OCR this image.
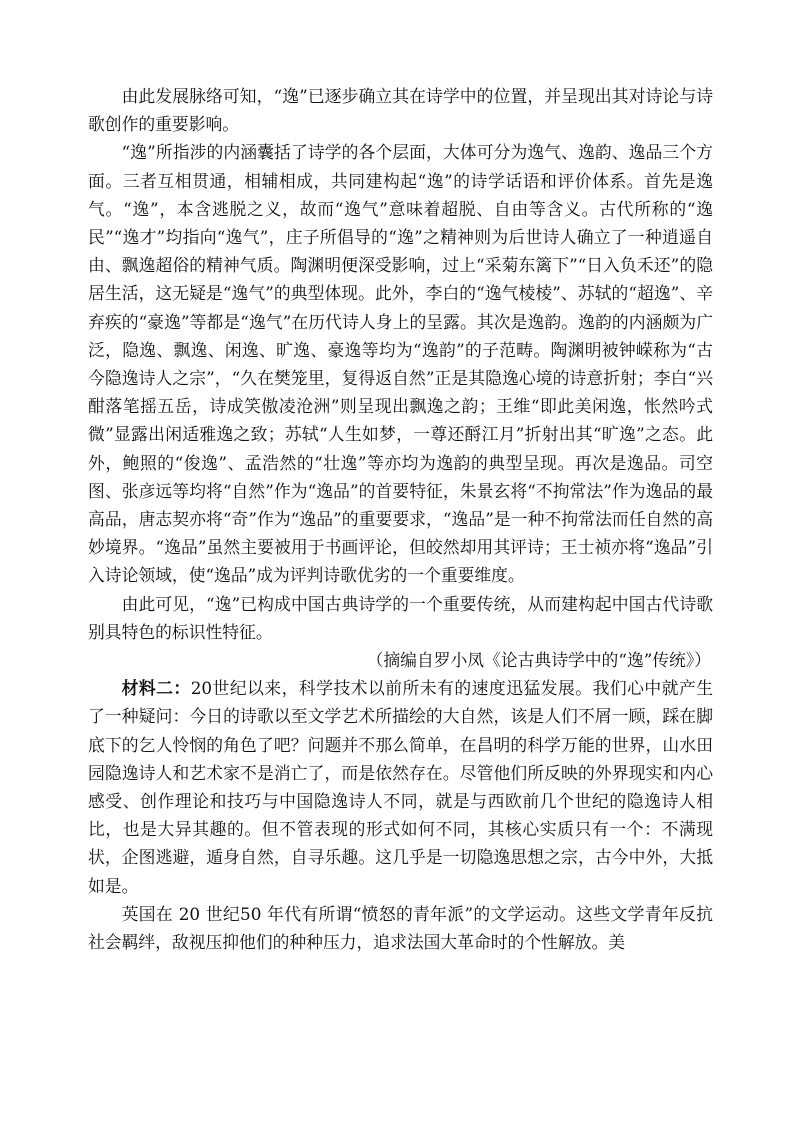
由此发展脉络可知，“逸”已逐步确立其在诗学中的位置，并呈现出其对诗论与诗歌创作的重要影响。

“逸”所指涉的内涵囊括了诗学的各个层面，大体可分为逸气、逸韵、逸品三个方面。三者互相贯通，相辅相成，共同建构起“逸”的诗学话语和评价体系。首先是逸气。“逸”，本含逃脱之义，故而“逸气”意味着超脱、自由等含义。古代所称的“逸民”“逸才”均指向“逸气”，庄子所倡导的“逸”之精神则为后世诗人确立了一种逍遥自由、飘逸超俗的精神气质。陶渊明便深受影响，过上“采菊东篱下”“日入负禾还”的隐居生活，这无疑是“逸气”的典型体现。此外，李白的“逸气棱棱”、苏轼的“超逸”、辛弃疾的“豪逸”等都是“逸气”在历代诗人身上的呈露。其次是逸韵。逸韵的内涵颇为广泛，隐逸、飘逸、闲逸、旷逸、豪逸等均为“逸韵”的子范畴。陶渊明被钟嵘称为“古今隐逸诗人之宗”，“久在樊笼里，复得返自然”正是其隐逸心境的诗意折射；李白“兴酣落笔摇五岳，诗成笑傲凌沧洲”则呈现出飘逸之韵；王维“即此美闲逸，怅然吟式微”显露出闲适雅逸之致；苏轼“人生如梦，一尊还酹江月”折射出其“旷逸”之态。此外，鲍照的“俊逸”、孟浩然的“壮逸”等亦均为逸韵的典型呈现。再次是逸品。司空图、张彦远等均将“自然”作为“逸品”的首要特征，朱景玄将“不拘常法”作为逸品的最高品，唐志契亦将“奇”作为“逸品”的重要要求，“逸品”是一种不拘常法而任自然的高妙境界。“逸品”虽然主要被用于书画评论，但皎然却用其评诗；王士祯亦将“逸品”引入诗论领域，使“逸品”成为评判诗歌优劣的一个重要维度。

由此可见，“逸”已构成中国古典诗学的一个重要传统，从而建构起中国古代诗歌别具特色的标识性特征。

（摘编自罗小凤《论古典诗学中的“逸”传统》）

材料二：20世纪以来，科学技术以前所未有的速度迅猛发展。我们心中就产生了一种疑问：今日的诗歌以至文学艺术所描绘的大自然，该是人们不屑一顾，踩在脚底下的乞人怜悯的角色了吧？问题并不那么简单，在昌明的科学万能的世界，山水田园隐逸诗人和艺术家不是消亡了，而是依然存在。尽管他们所反映的外界现实和内心感受、创作理论和技巧与中国隐逸诗人不同，就是与西欧前几个世纪的隐逸诗人相比，也是大异其趣的。但不管表现的形式如何不同，其核心实质只有一个：不满现状，企图逃避，遁身自然，自寻乐趣。这几乎是一切隐逸思想之宗，古今中外，大抵如是。

英国在 20 世纪50 年代有所谓“愤怒的青年派”的文学运动。这些文学青年反抗社会羁绊，敌视压抑他们的种种压力，追求法国大革命时的个性解放。美
